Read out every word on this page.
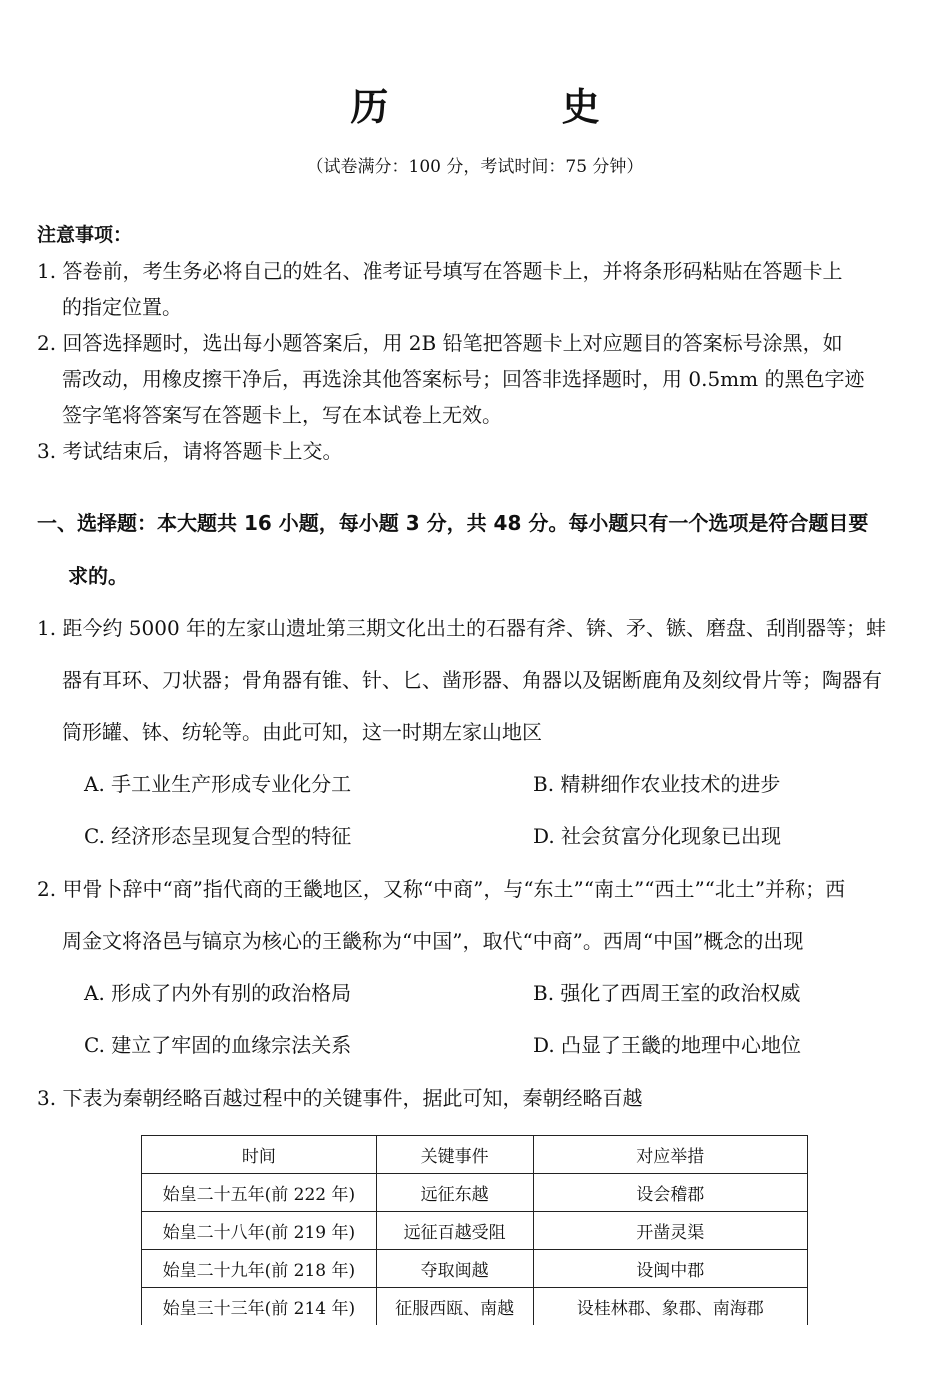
历 史
（试卷满分：100 分，考试时间：75 分钟）
注意事项：
1. 答卷前，考生务必将自己的姓名、准考证号填写在答题卡上，并将条形码粘贴在答题卡上
的指定位置。
2. 回答选择题时，选出每小题答案后，用 2B 铅笔把答题卡上对应题目的答案标号涂黑，如
需改动，用橡皮擦干净后，再选涂其他答案标号；回答非选择题时，用 0.5mm 的黑色字迹
签字笔将答案写在答题卡上，写在本试卷上无效。
3. 考试结束后，请将答题卡上交。
一、选择题：本大题共 16 小题，每小题 3 分，共 48 分。每小题只有一个选项是符合题目要
求的。
1. 距今约 5000 年的左家山遗址第三期文化出土的石器有斧、锛、矛、镞、磨盘、刮削器等；蚌
器有耳环、刀状器；骨角器有锥、针、匕、凿形器、角器以及锯断鹿角及刻纹骨片等；陶器有
筒形罐、钵、纺轮等。由此可知，这一时期左家山地区
A. 手工业生产形成专业化分工	B. 精耕细作农业技术的进步
C. 经济形态呈现复合型的特征	D. 社会贫富分化现象已出现
2. 甲骨卜辞中“商”指代商的王畿地区，又称“中商”，与“东土”“南土”“西土”“北土”并称；西
周金文将洛邑与镐京为核心的王畿称为“中国”，取代“中商”。西周“中国”概念的出现
A. 形成了内外有别的政治格局	B. 强化了西周王室的政治权威
C. 建立了牢固的血缘宗法关系	D. 凸显了王畿的地理中心地位
3. 下表为秦朝经略百越过程中的关键事件，据此可知，秦朝经略百越
时间	关键事件	对应举措
始皇二十五年(前 222 年)	远征东越	设会稽郡
始皇二十八年(前 219 年)	远征百越受阻	开凿灵渠
始皇二十九年(前 218 年)	夺取闽越	设闽中郡
始皇三十三年(前 214 年)	征服西瓯、南越	设桂林郡、象郡、南海郡
